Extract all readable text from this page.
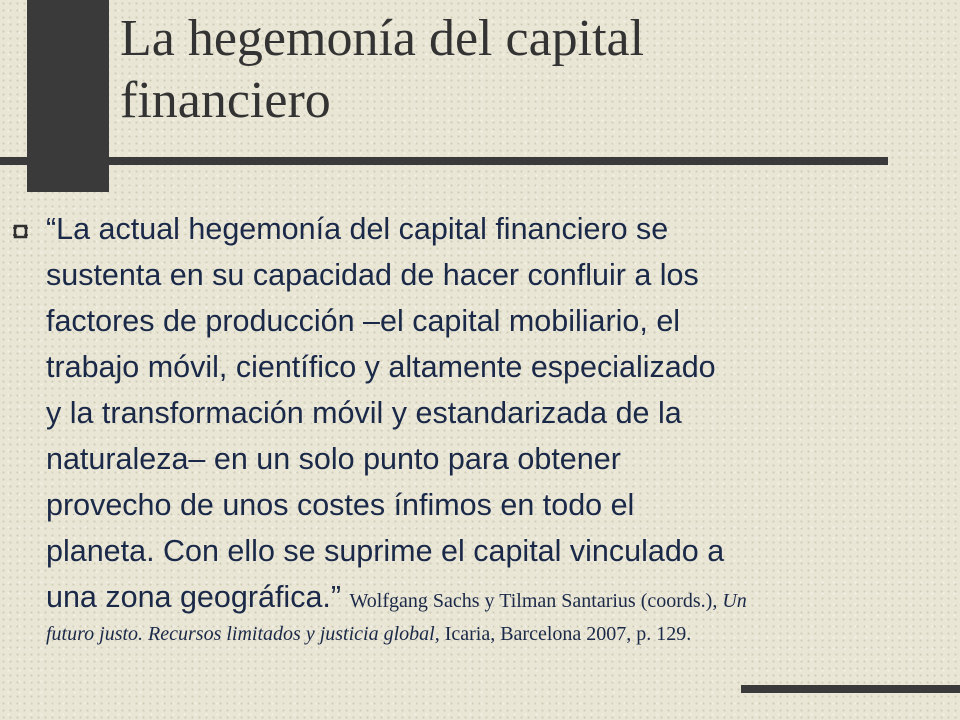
La hegemonía del capital
financiero

“La actual hegemonía del capital financiero se
sustenta en su capacidad de hacer confluir a los
factores de producción –el capital mobiliario, el
trabajo móvil, científico y altamente especializado
y la transformación móvil y estandarizada de la
naturaleza– en un solo punto para obtener
provecho de unos costes ínfimos en todo el
planeta. Con ello se suprime el capital vinculado a
una zona geográfica.” Wolfgang Sachs y Tilman Santarius (coords.), Un

futuro justo. Recursos limitados y justicia global, Icaria, Barcelona 2007, p. 129.
